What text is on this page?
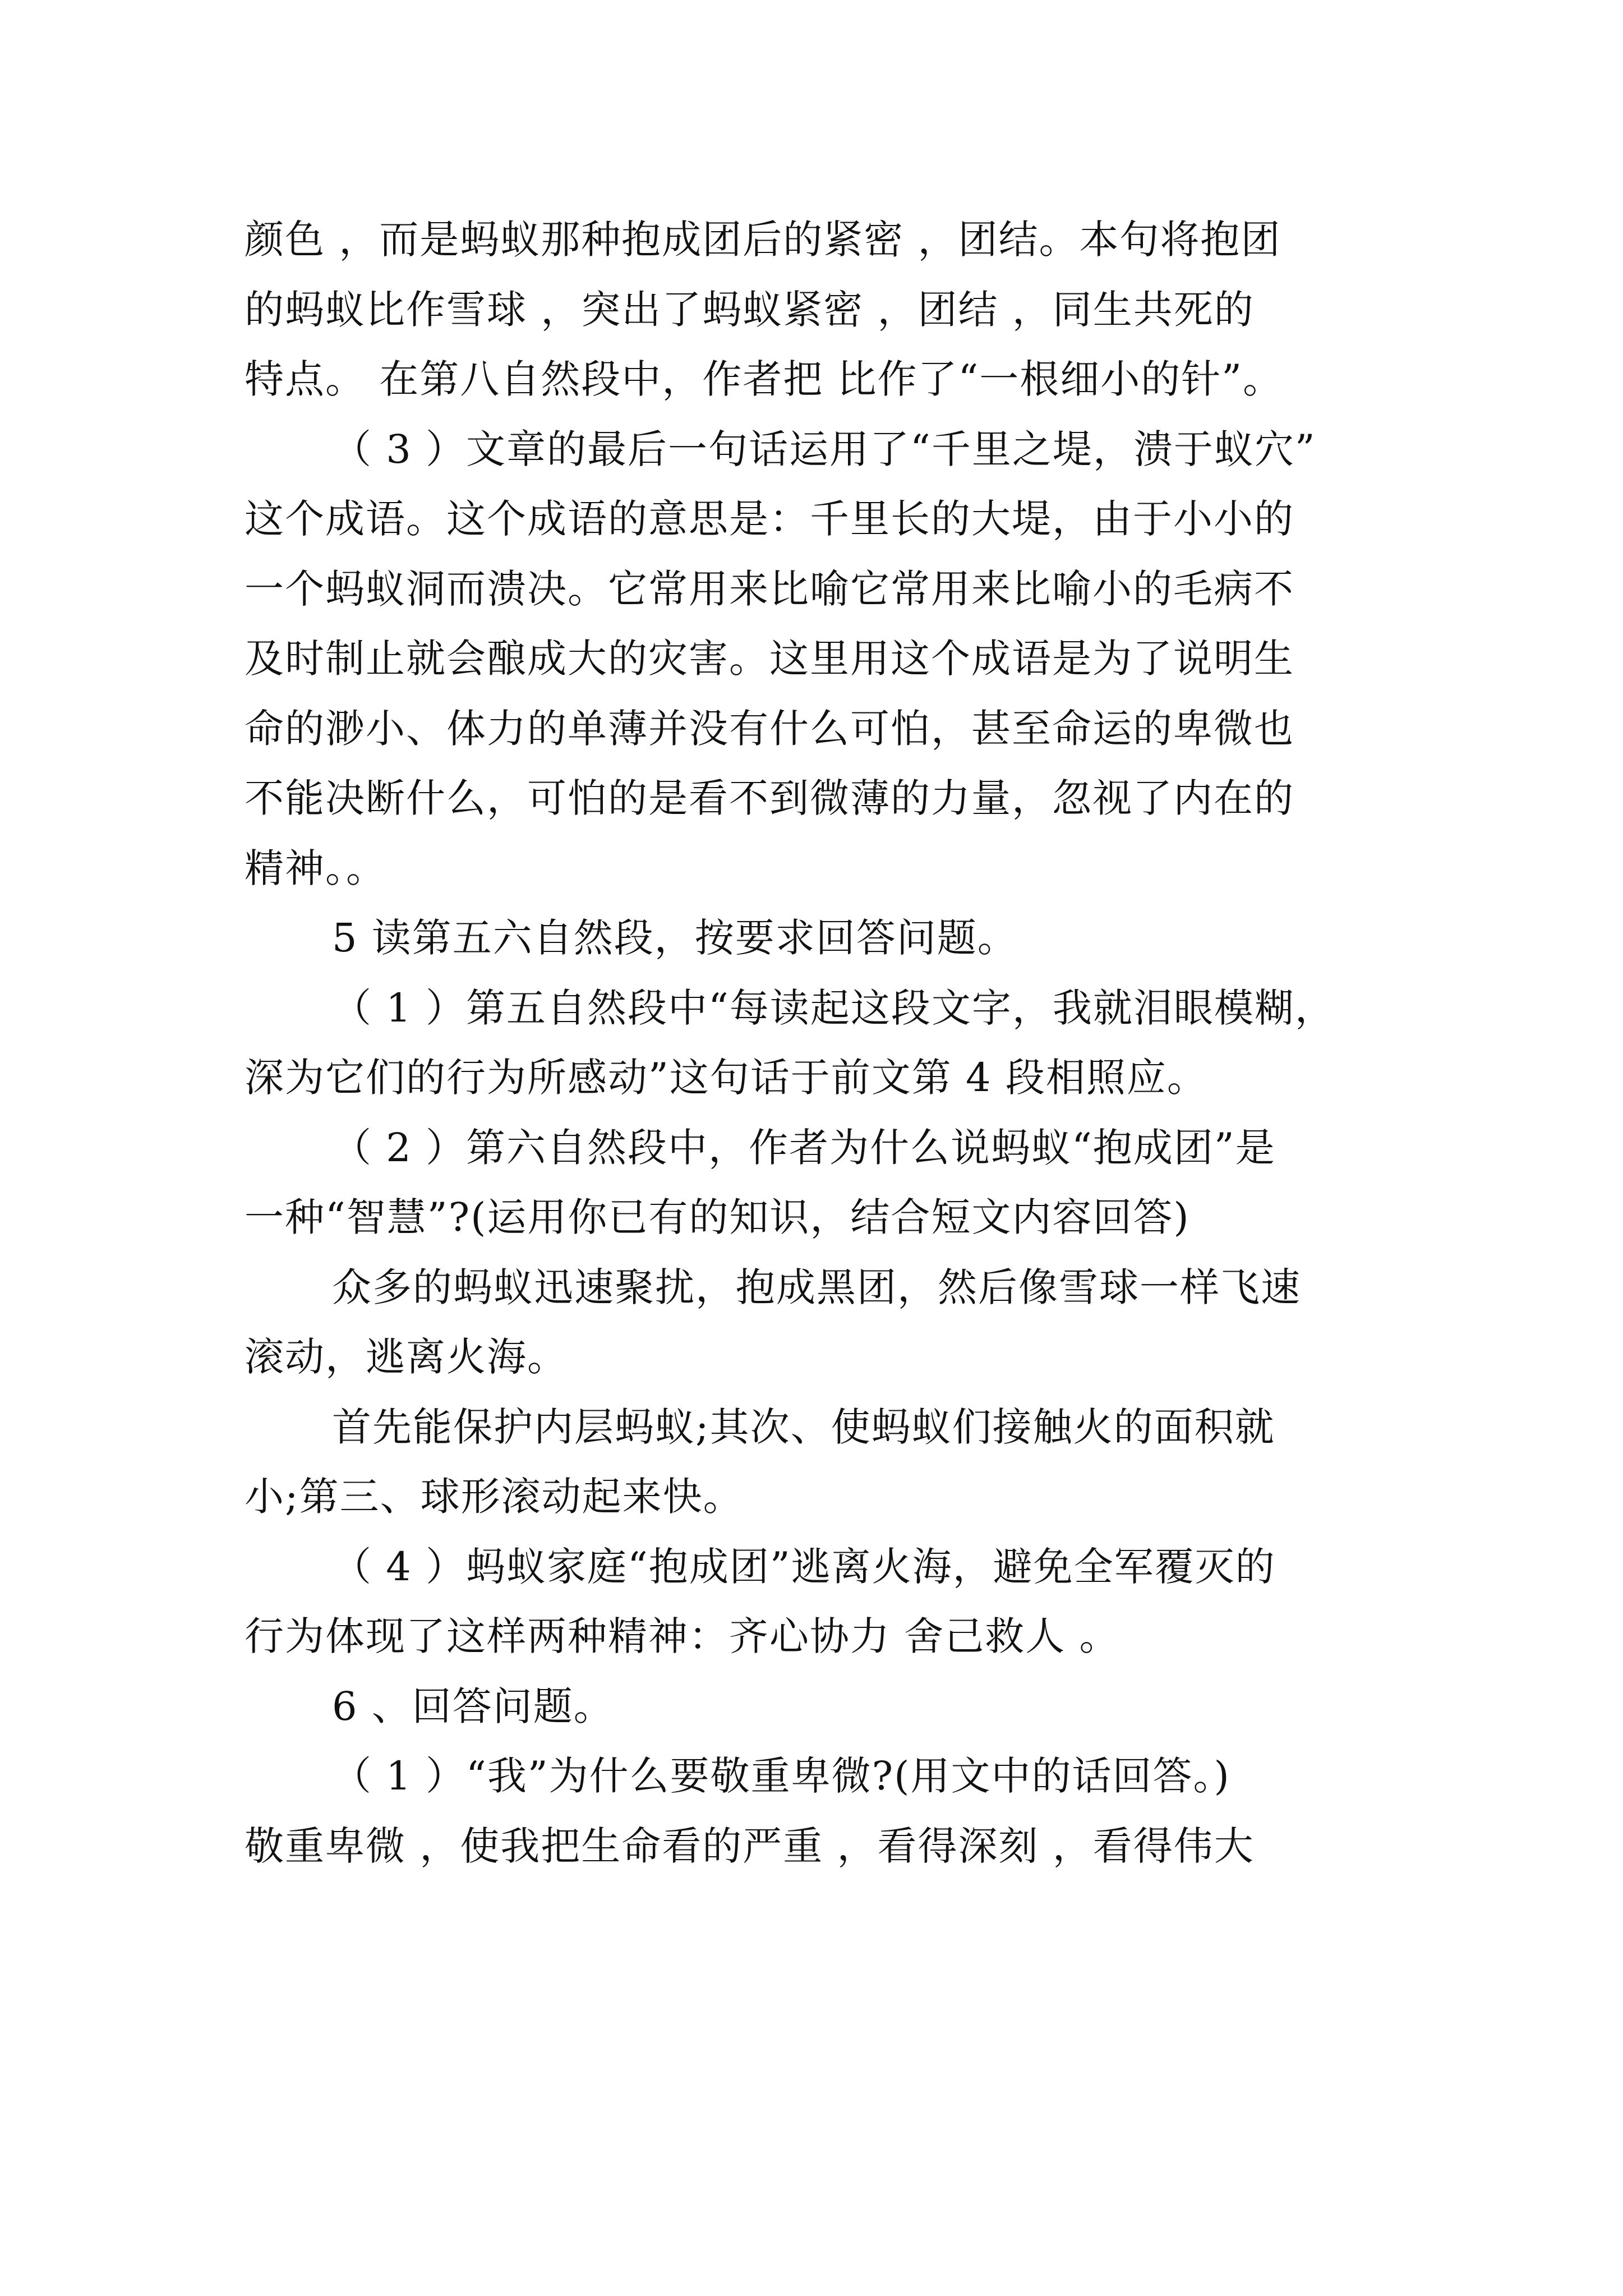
颜色 ，而是蚂蚁那种抱成团后的紧密 ，团结。本句将抱团
的蚂蚁比作雪球 ，突出了蚂蚁紧密 ，团结 ，同生共死的
特点。 在第八自然段中，作者把 比作了“一根细小的针”。
（ 3 ）文章的最后一句话运用了“千里之堤，溃于蚁穴”
这个成语。这个成语的意思是：千里长的大堤，由于小小的
一个蚂蚁洞而溃决。它常用来比喻它常用来比喻小的毛病不
及时制止就会酿成大的灾害。这里用这个成语是为了说明生
命的渺小、体力的单薄并没有什么可怕，甚至命运的卑微也
不能决断什么，可怕的是看不到微薄的力量，忽视了内在的
精神。。
5 读第五六自然段，按要求回答问题。
（ 1 ）第五自然段中“每读起这段文字，我就泪眼模糊，
深为它们的行为所感动”这句话于前文第 4 段相照应。
（ 2 ）第六自然段中，作者为什么说蚂蚁“抱成团”是
一种“智慧”?(运用你已有的知识，结合短文内容回答)
众多的蚂蚁迅速聚扰，抱成黑团，然后像雪球一样飞速
滚动，逃离火海。
首先能保护内层蚂蚁;其次、使蚂蚁们接触火的面积就
小;第三、球形滚动起来快。
（ 4 ）蚂蚁家庭“抱成团”逃离火海，避免全军覆灭的
行为体现了这样两种精神：齐心协力 舍己救人 。
6 、回答问题。
（ 1 ）“我”为什么要敬重卑微?(用文中的话回答。)
敬重卑微 ，使我把生命看的严重 ，看得深刻 ，看得伟大
